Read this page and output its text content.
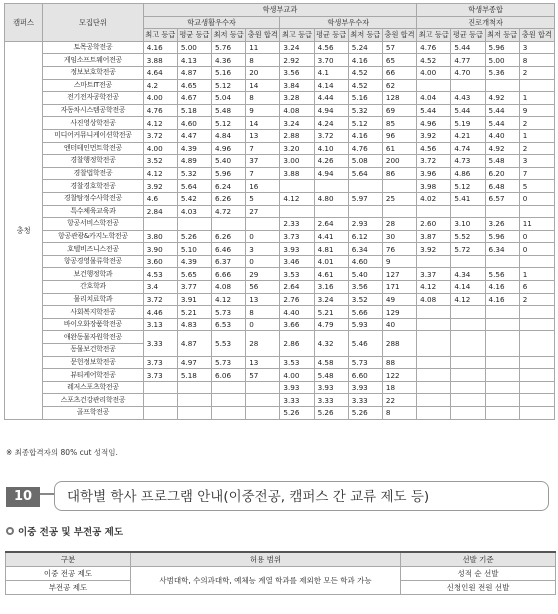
캠퍼스	모집단위	학생부교과								학생부종합			
		학교생활우수자				학생부우수자				진로개척자			
		최고 등급	평균 등급	최저 등급	충원 합격	최고 등급	평균 등급	최저 등급	충원 합격	최고 등급	평균 등급	최저 등급	충원 합격
충청	토목공학전공	4.16	5.00	5.76	11	3.24	4.56	5.24	57	4.76	5.44	5.96	3
	게임소프트웨어전공	3.88	4.13	4.36	8	2.92	3.70	4.16	65	4.52	4.77	5.00	8
	정보보호학전공	4.64	4.87	5.16	20	3.56	4.1	4.52	66	4.00	4.70	5.36	2
	스마트IT전공	4.2	4.65	5.12	14	3.84	4.14	4.52	62				
	전기전자공학전공	4.00	4.67	5.04	8	3.28	4.44	5.16	128	4.04	4.43	4.92	1
	자동차시스템공학전공	4.76	5.18	5.48	9	4.08	4.94	5.32	69	5.44	5.44	5.44	9
	사진영상학전공	4.12	4.60	5.12	14	3.24	4.24	5.12	85	4.96	5.19	5.44	2
	미디어커뮤니케이션학전공	3.72	4.47	4.84	13	2.88	3.72	4.16	96	3.92	4.21	4.40	1
	엔터테인먼트학전공	4.00	4.39	4.96	7	3.20	4.10	4.76	61	4.56	4.74	4.92	2
	경찰행정학전공	3.52	4.89	5.40	37	3.00	4.26	5.08	200	3.72	4.73	5.48	3
	경찰법학전공	4.12	5.32	5.96	7	3.88	4.94	5.64	86	3.96	4.86	6.20	7
	경찰경호학전공	3.92	5.64	6.24	16					3.98	5.12	6.48	5
	경찰탐정수사학전공	4.6	5.42	6.26	5	4.12	4.80	5.97	25	4.02	5.41	6.57	0
	특수체육교육과	2.84	4.03	4.72	27								
	항공서비스학전공					2.33	2.64	2.93	28	2.60	3.10	3.26	11
	항공관광&카지노학전공	3.80	5.26	6.26	0	3.73	4.41	6.12	30	3.87	5.52	5.96	0
	호텔비즈니스전공	3.90	5.10	6.46	3	3.93	4.81	6.34	76	3.92	5.72	6.34	0
	항공경영물류학전공	3.60	4.39	6.37	0	3.46	4.01	4.60	9				
	보건행정학과	4.53	5.65	6.66	29	3.53	4.61	5.40	127	3.37	4.34	5.56	1
	간호학과	3.4	3.77	4.08	56	2.64	3.16	3.56	171	4.12	4.14	4.16	6
	물리치료학과	3.72	3.91	4.12	13	2.76	3.24	3.52	49	4.08	4.12	4.16	2
	사회복지학전공	4.46	5.21	5.73	8	4.40	5.21	5.66	129				
	바이오화장품학전공	3.13	4.83	6.53	0	3.66	4.79	5.93	40				
	애완동물자원학전공	3.33	4.87	5.53	28	2.86	4.32	5.46	288				
	동물보건학전공												
	문헌정보학전공	3.73	4.97	5.73	13	3.53	4.58	5.73	88				
	뷰티케어학전공	3.73	5.18	6.06	57	4.00	5.48	6.60	122				
	레저스포츠학전공					3.93	3.93	3.93	18				
	스포츠건강관리학전공					3.33	3.33	3.33	22				
	골프학전공					5.26	5.26	5.26	8				
※ 최종합격자의 80% cut 성적임.
10	대학별 학사 프로그램 안내(이중전공, 캠퍼스 간 교류 제도 등)
이중 전공 및 부전공 제도
구분	허용 범위	선발 기준
이중 전공 제도	사범대학, 수의과대학, 예체능 계열 학과를 제외한 모든 학과 가능	성적 순 선발
부전공 제도		신청인원 전원 선발
